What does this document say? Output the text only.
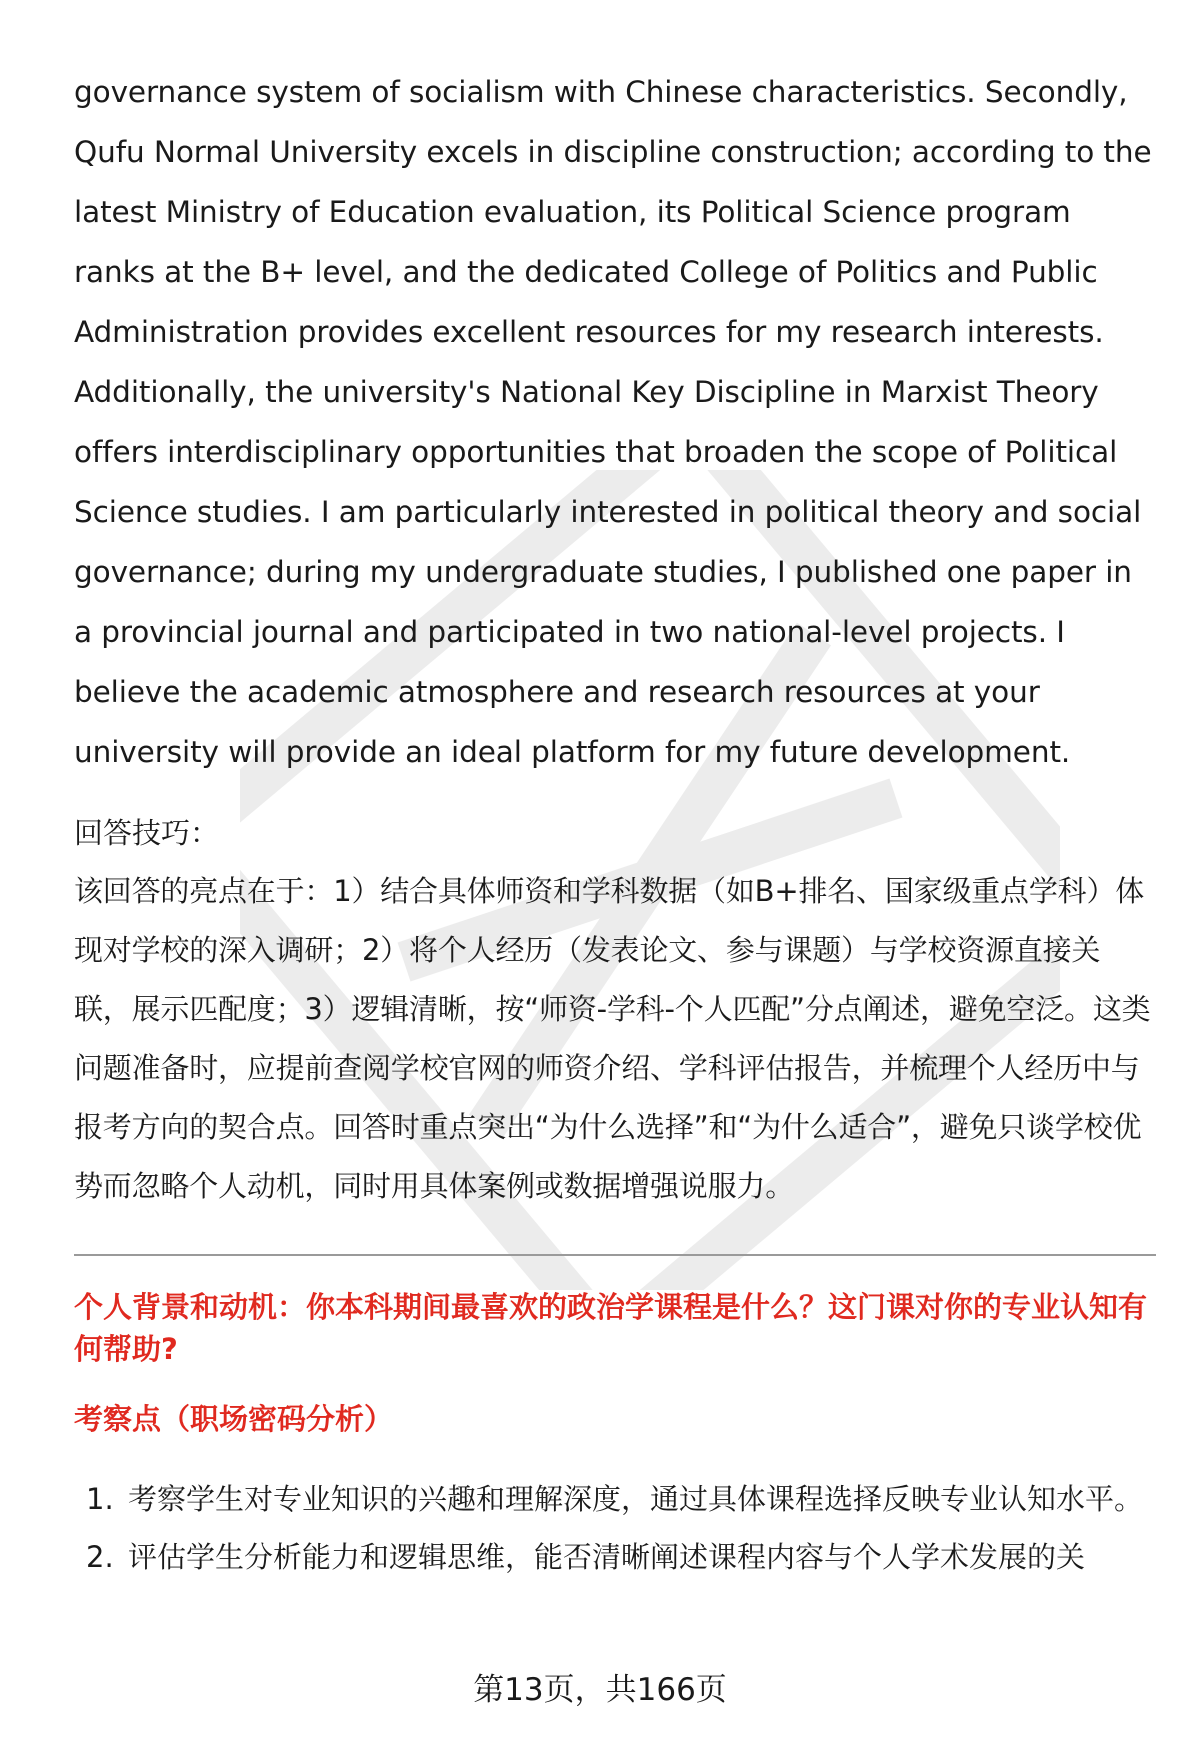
governance system of socialism with Chinese characteristics. Secondly, Qufu Normal University excels in discipline construction; according to the latest Ministry of Education evaluation, its Political Science program ranks at the B+ level, and the dedicated College of Politics and Public Administration provides excellent resources for my research interests. Additionally, the university's National Key Discipline in Marxist Theory offers interdisciplinary opportunities that broaden the scope of Political Science studies. I am particularly interested in political theory and social governance; during my undergraduate studies, I published one paper in a provincial journal and participated in two national-level projects. I believe the academic atmosphere and research resources at your university will provide an ideal platform for my future development.

回答技巧：

该回答的亮点在于：1）结合具体师资和学科数据（如B+排名、国家级重点学科）体现对学校的深入调研；2）将个人经历（发表论文、参与课题）与学校资源直接关联，展示匹配度；3）逻辑清晰，按“师资-学科-个人匹配”分点阐述，避免空泛。这类问题准备时，应提前查阅学校官网的师资介绍、学科评估报告，并梳理个人经历中与报考方向的契合点。回答时重点突出“为什么选择”和“为什么适合”，避免只谈学校优势而忽略个人动机，同时用具体案例或数据增强说服力。

个人背景和动机：你本科期间最喜欢的政治学课程是什么？这门课对你的专业认知有何帮助?
考察点（职场密码分析）
1. 考察学生对专业知识的兴趣和理解深度，通过具体课程选择反映专业认知水平。
2. 评估学生分析能力和逻辑思维，能否清晰阐述课程内容与个人学术发展的关
第13页，共166页
